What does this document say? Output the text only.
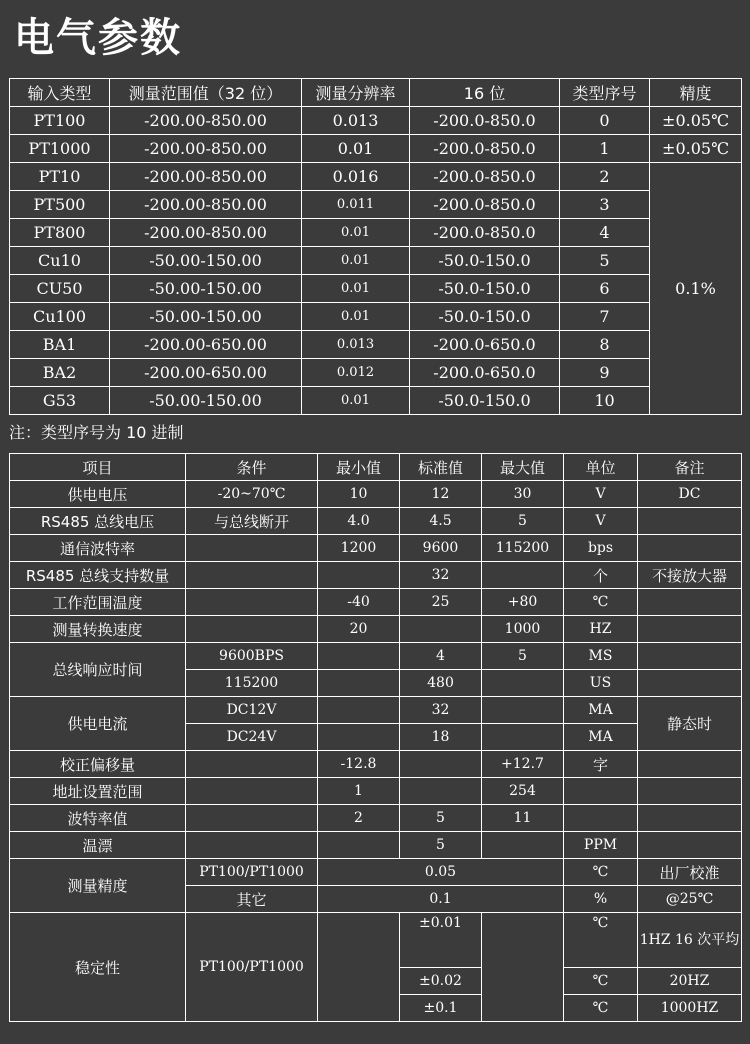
电气参数
输入类型	测量范围值（32 位）	测量分辨率	16 位	类型序号	精度
PT100	-200.00-850.00	0.013	-200.0-850.0	0	±0.05℃
PT1000	-200.00-850.00	0.01	-200.0-850.0	1	±0.05℃
PT10	-200.00-850.00	0.016	-200.0-850.0	2	0.1%
PT500	-200.00-850.00	0.011	-200.0-850.0	3	
PT800	-200.00-850.00	0.01	-200.0-850.0	4	
Cu10	-50.00-150.00	0.01	-50.0-150.0	5	
CU50	-50.00-150.00	0.01	-50.0-150.0	6	
Cu100	-50.00-150.00	0.01	-50.0-150.0	7	
BA1	-200.00-650.00	0.013	-200.0-650.0	8	
BA2	-200.00-650.00	0.012	-200.0-650.0	9	
G53	-50.00-150.00	0.01	-50.0-150.0	10	
注：类型序号为 10 进制
项目	条件	最小值	标准值	最大值	单位	备注
供电电压	-20~70℃	10	12	30	V	DC
RS485 总线电压	与总线断开	4.0	4.5	5	V	
通信波特率		1200	9600	115200	bps	
RS485 总线支持数量			32		个	不接放大器
工作范围温度		-40	25	+80	℃	
测量转换速度		20		1000	HZ	
总线响应时间	9600BPS		4	5	MS	
	115200		480		US	
供电电流	DC12V		32		MA	静态时
	DC24V		18		MA	
校正偏移量		-12.8		+12.7	字	
地址设置范围		1		254		
波特率值		2	5	11		
温漂			5		PPM	
测量精度	PT100/PT1000	0.05			℃	出厂校准
	其它	0.1			%	@25℃
稳定性	PT100/PT1000		±0.01		℃	1HZ 16 次平均
			±0.02		℃	20HZ
			±0.1		℃	1000HZ
